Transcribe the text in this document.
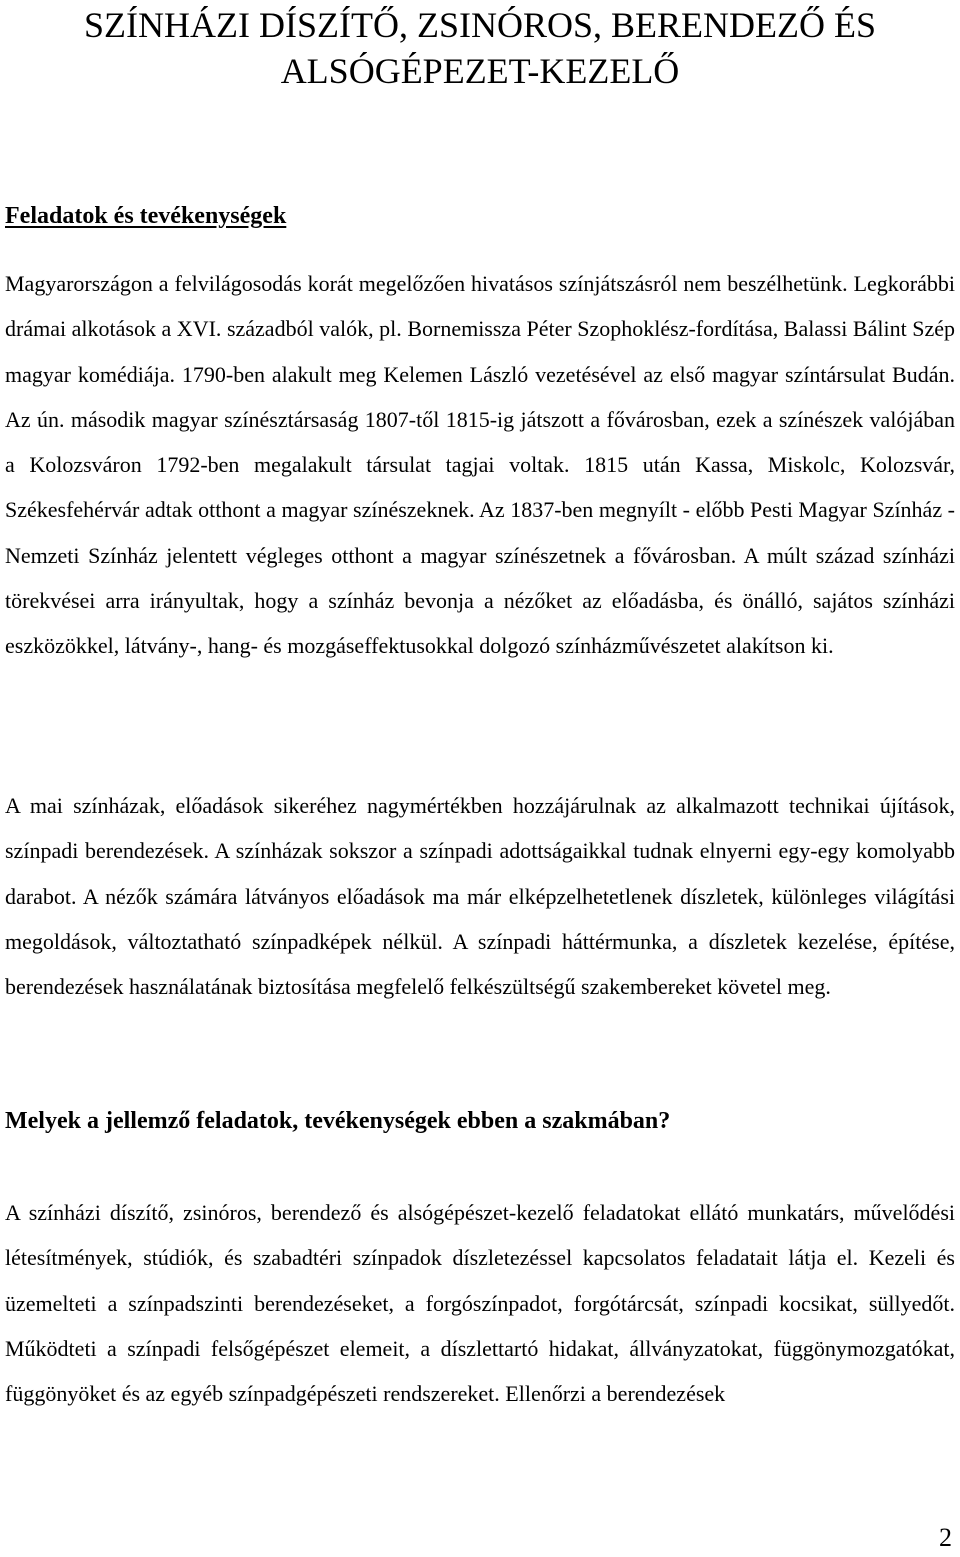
SZÍNHÁZI DÍSZÍTŐ, ZSINÓROS, BERENDEZŐ ÉS
ALSÓGÉPEZET-KEZELŐ
Feladatok és tevékenységek

Magyarországon a felvilágosodás korát megelőzően hivatásos színjátszásról nem beszélhetünk. Legkorábbi drámai alkotások a XVI. századból valók, pl. Bornemissza Péter Szophoklész-fordítása, Balassi Bálint Szép magyar komédiája. 1790-ben alakult meg Kelemen László vezetésével az első magyar színtársulat Budán. Az ún. második magyar színésztársaság 1807-től 1815-ig játszott a fővárosban, ezek a színészek valójában a Kolozsváron 1792-ben megalakult társulat tagjai voltak. 1815 után Kassa, Miskolc, Kolozsvár, Székesfehérvár adtak otthont a magyar színészeknek. Az 1837-ben megnyílt - előbb Pesti Magyar Színház - Nemzeti Színház jelentett végleges otthont a magyar színészetnek a fővárosban. A múlt század színházi törekvései arra irányultak, hogy a színház bevonja a nézőket az előadásba, és önálló, sajátos színházi eszközökkel, látvány-, hang- és mozgáseffektusokkal dolgozó színházművészetet alakítson ki.

A mai színházak, előadások sikeréhez nagymértékben hozzájárulnak az alkalmazott technikai újítások, színpadi berendezések. A színházak sokszor a színpadi adottságaikkal tudnak elnyerni egy-egy komolyabb darabot. A nézők számára látványos előadások ma már elképzelhetetlenek díszletek, különleges világítási megoldások, változtatható színpadképek nélkül. A színpadi háttérmunka, a díszletek kezelése, építése, berendezések használatának biztosítása megfelelő felkészültségű szakembereket követel meg.

Melyek a jellemző feladatok, tevékenységek ebben a szakmában?

A színházi díszítő, zsinóros, berendező és alsógépészet-kezelő feladatokat ellátó munkatárs, művelődési létesítmények, stúdiók, és szabadtéri színpadok díszletezéssel kapcsolatos feladatait látja el. Kezeli és üzemelteti a színpadszinti berendezéseket, a forgószínpadot, forgótárcsát, színpadi kocsikat, süllyedőt. Működteti a színpadi felsőgépészet elemeit, a díszlettartó hidakat, állványzatokat, függönymozgatókat, függönyöket és az egyéb színpadgépészeti rendszereket. Ellenőrzi a berendezések

2
